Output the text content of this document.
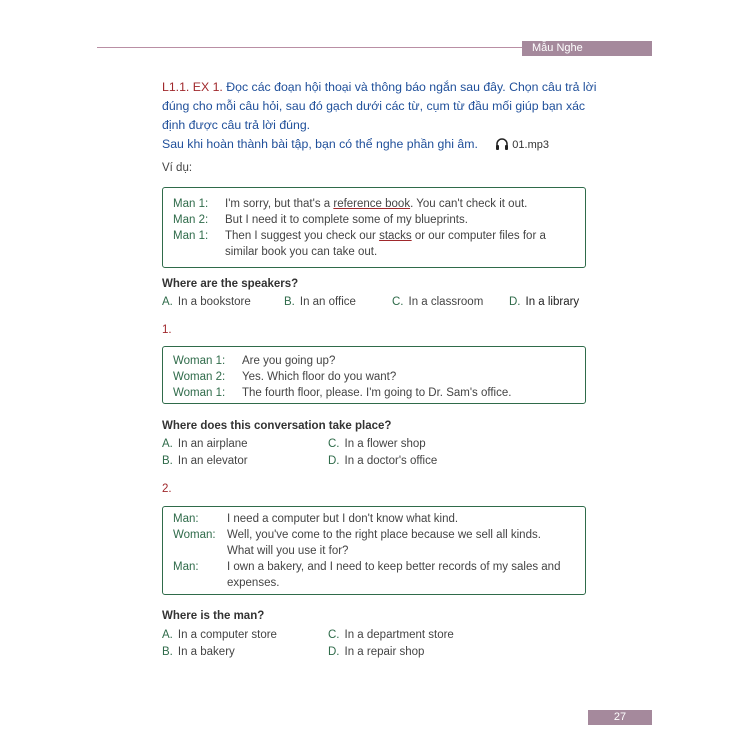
Mẫu Nghe
L1.1. EX 1. Đọc các đoạn hội thoại và thông báo ngắn sau đây. Chọn câu trả lời đúng cho mỗi câu hỏi, sau đó gạch dưới các từ, cụm từ đầu mối giúp bạn xác định được câu trả lời đúng.
Sau khi hoàn thành bài tập, bạn có thể nghe phần ghi âm.	01.mp3
Ví dụ:
Man 1: I'm sorry, but that's a reference book. You can't check it out.
Man 2: But I need it to complete some of my blueprints.
Man 1: Then I suggest you check our stacks or our computer files for a
similar book you can take out.
Where are the speakers?
A. In a bookstore	B. In an office	C. In a classroom D. In a library
1.
Woman 1: Are you going up?
Woman 2: Yes. Which floor do you want?
Woman 1: The fourth floor, please. I'm going to Dr. Sam's office.
Where does this conversation take place?
A. In an airplane	C. In a flower shop
B. In an elevator	D. In a doctor's office
2.
Man: I need a computer but I don't know what kind.
Woman: Well, you've come to the right place because we sell all kinds.
What will you use it for?
Man: I own a bakery, and I need to keep better records of my sales and
expenses.
Where is the man?
A. In a computer store	C. In a department store
B. In a bakery	D. In a repair shop
27
